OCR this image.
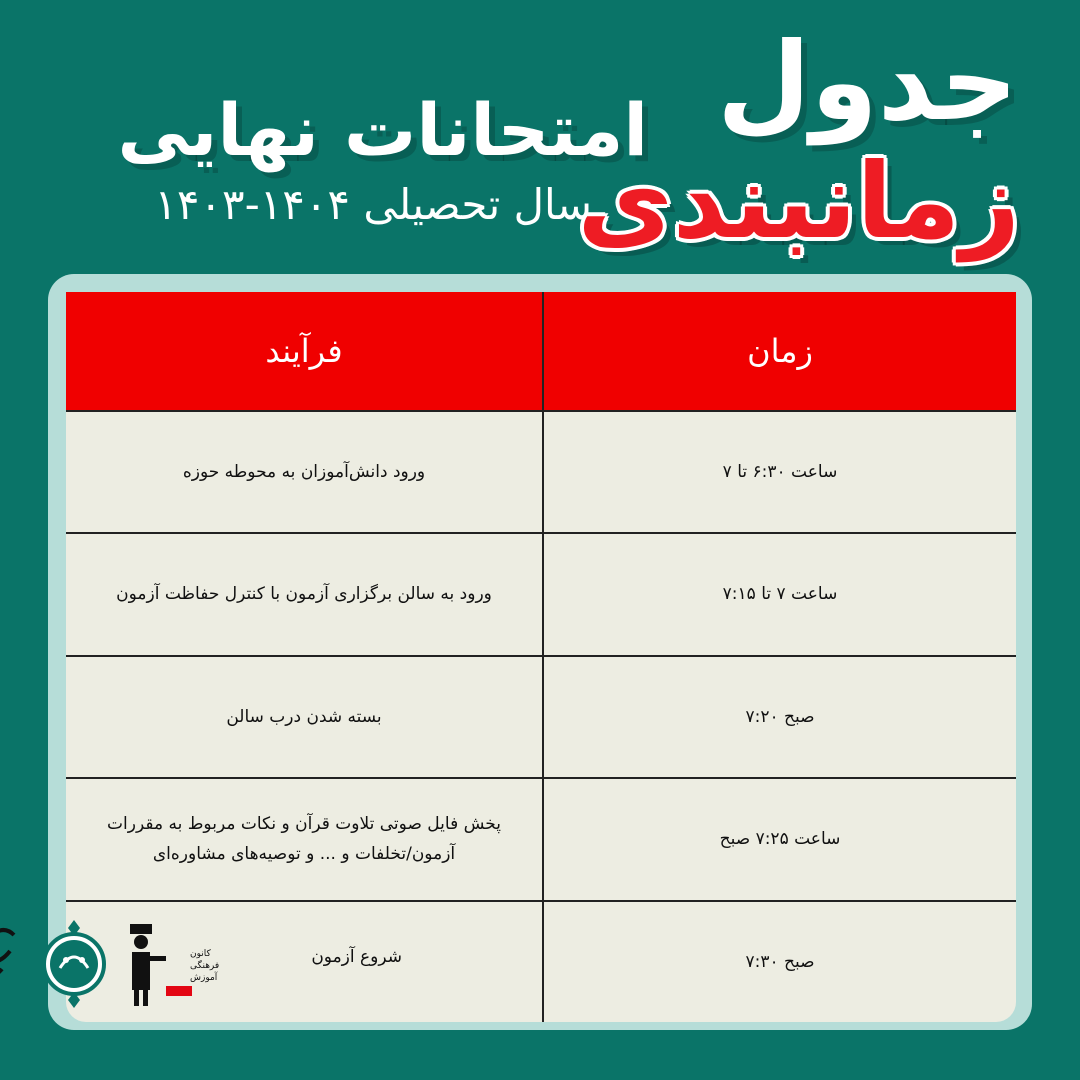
جدول
زمانبندی
امتحانات نهایی
سال تحصیلی ۱۴۰۴-۱۴۰۳
زمان
فرآیند
ساعت ۶:۳۰ تا ۷
ورود دانش‌آموزان به محوطه حوزه
ساعت ۷ تا ۷:۱۵
ورود به سالن برگزاری آزمون با کنترل حفاظت آزمون
صبح ۷:۲۰
بسته شدن درب سالن
ساعت ۷:۲۵ صبح
پخش فایل صوتی تلاوت قرآن و نکات مربوط به مقررات
آزمون/تخلفات و ... و توصیه‌های مشاوره‌ای
صبح ۷:۳۰
شروع آزمون
کانون
فرهنگی
آموزش
